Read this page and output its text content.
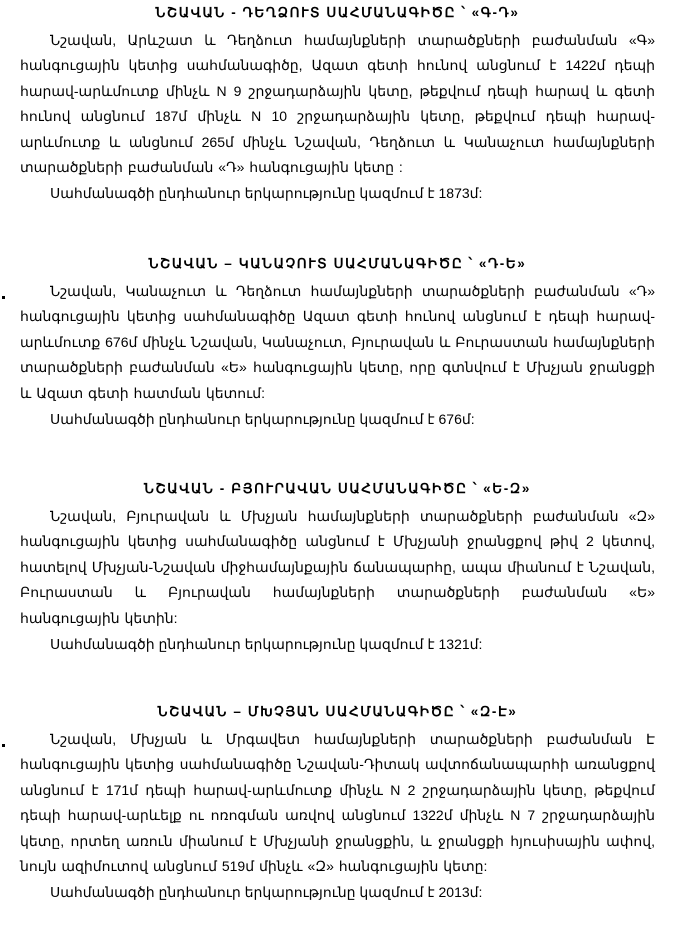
ՆՇԱՎԱՆ - ԴԵՂՁՈՒՏ ՍԱՀՄԱՆԱԳԻԾԸ ՝ «Գ-Դ»

Նշավան, Արևշատ և Դեղձուտ համայնքների տարածքների բաժանման «Գ» հանգուցային կետից սահմանագիծը, Ազատ գետի հունով անցնում է 1422մ դեպի հարավ-արևմուտք մինչև N 9 շրջադարձային կետը, թեքվում դեպի հարավ և գետի հունով անցնում 187մ մինչև N 10 շրջադարձային կետը, թեքվում դեպի հարավ-արևմուտք և անցնում 265մ մինչև Նշավան, Դեղձուտ և Կանաչուտ համայնքների տարածքների բաժանման «Դ» հանգուցային կետը :

Սահմանագծի ընդհանուր երկարությունը կազմում է 1873մ:

ՆՇԱՎԱՆ – ԿԱՆԱՉՈՒՏ ՍԱՀՄԱՆԱԳԻԾԸ ՝ «Դ-Ե»

Նշավան, Կանաչուտ և Դեղձուտ համայնքների տարածքների բաժանման «Դ» հանգուցային կետից սահմանագիծը Ազատ գետի հունով անցնում է դեպի հարավ-արևմուտք 676մ մինչև Նշավան, Կանաչուտ, Բյուրավան և Բուրաստան համայնքների տարածքների բաժանման «Ե» հանգուցային կետը, որը գտնվում է Մխչյան ջրանցքի և Ազատ գետի հատման կետում:

Սահմանագծի ընդհանուր երկարությունը կազմում է 676մ:

ՆՇԱՎԱՆ - ԲՅՈՒՐԱՎԱՆ ՍԱՀՄԱՆԱԳԻԾԸ ՝ «Ե-Զ»

Նշավան, Բյուրավան և Մխչյան համայնքների տարածքների բաժանման «Զ» հանգուցային կետից սահմանագիծը անցնում է Մխչյանի ջրանցքով թիվ 2 կետով, հատելով Մխչյան-Նշավան միջհամայնքային ճանապարհը, ապա միանում է Նշավան, Բուրաստան և Բյուրավան համայնքների տարածքների բաժանման «Ե» հանգուցային կետին:

Սահմանագծի ընդհանուր երկարությունը կազմում է 1321մ:

ՆՇԱՎԱՆ – ՄԽՉՅԱՆ ՍԱՀՄԱՆԱԳԻԾԸ ՝ «Զ-Է»

Նշավան, Մխչյան և Մրգավետ համայնքների տարածքների բաժանման Է հանգուցային կետից սահմանագիծը Նշավան-Դիտակ ավտոճանապարհի առանցքով անցնում է 171մ դեպի հարավ-արևմուտք մինչև N 2 շրջադարձային կետը, թեքվում դեպի հարավ-արևելք ու ոռոգման առվով անցնում 1322մ մինչև N 7 շրջադարձային կետը, որտեղ առուն միանում է Մխչյանի ջրանցքին, և ջրանցքի հյուսիսային ափով, նույն ազիմուտով անցնում 519մ մինչև «Զ» հանգուցային կետը:

Սահմանագծի ընդհանուր երկարությունը կազմում է 2013մ:
